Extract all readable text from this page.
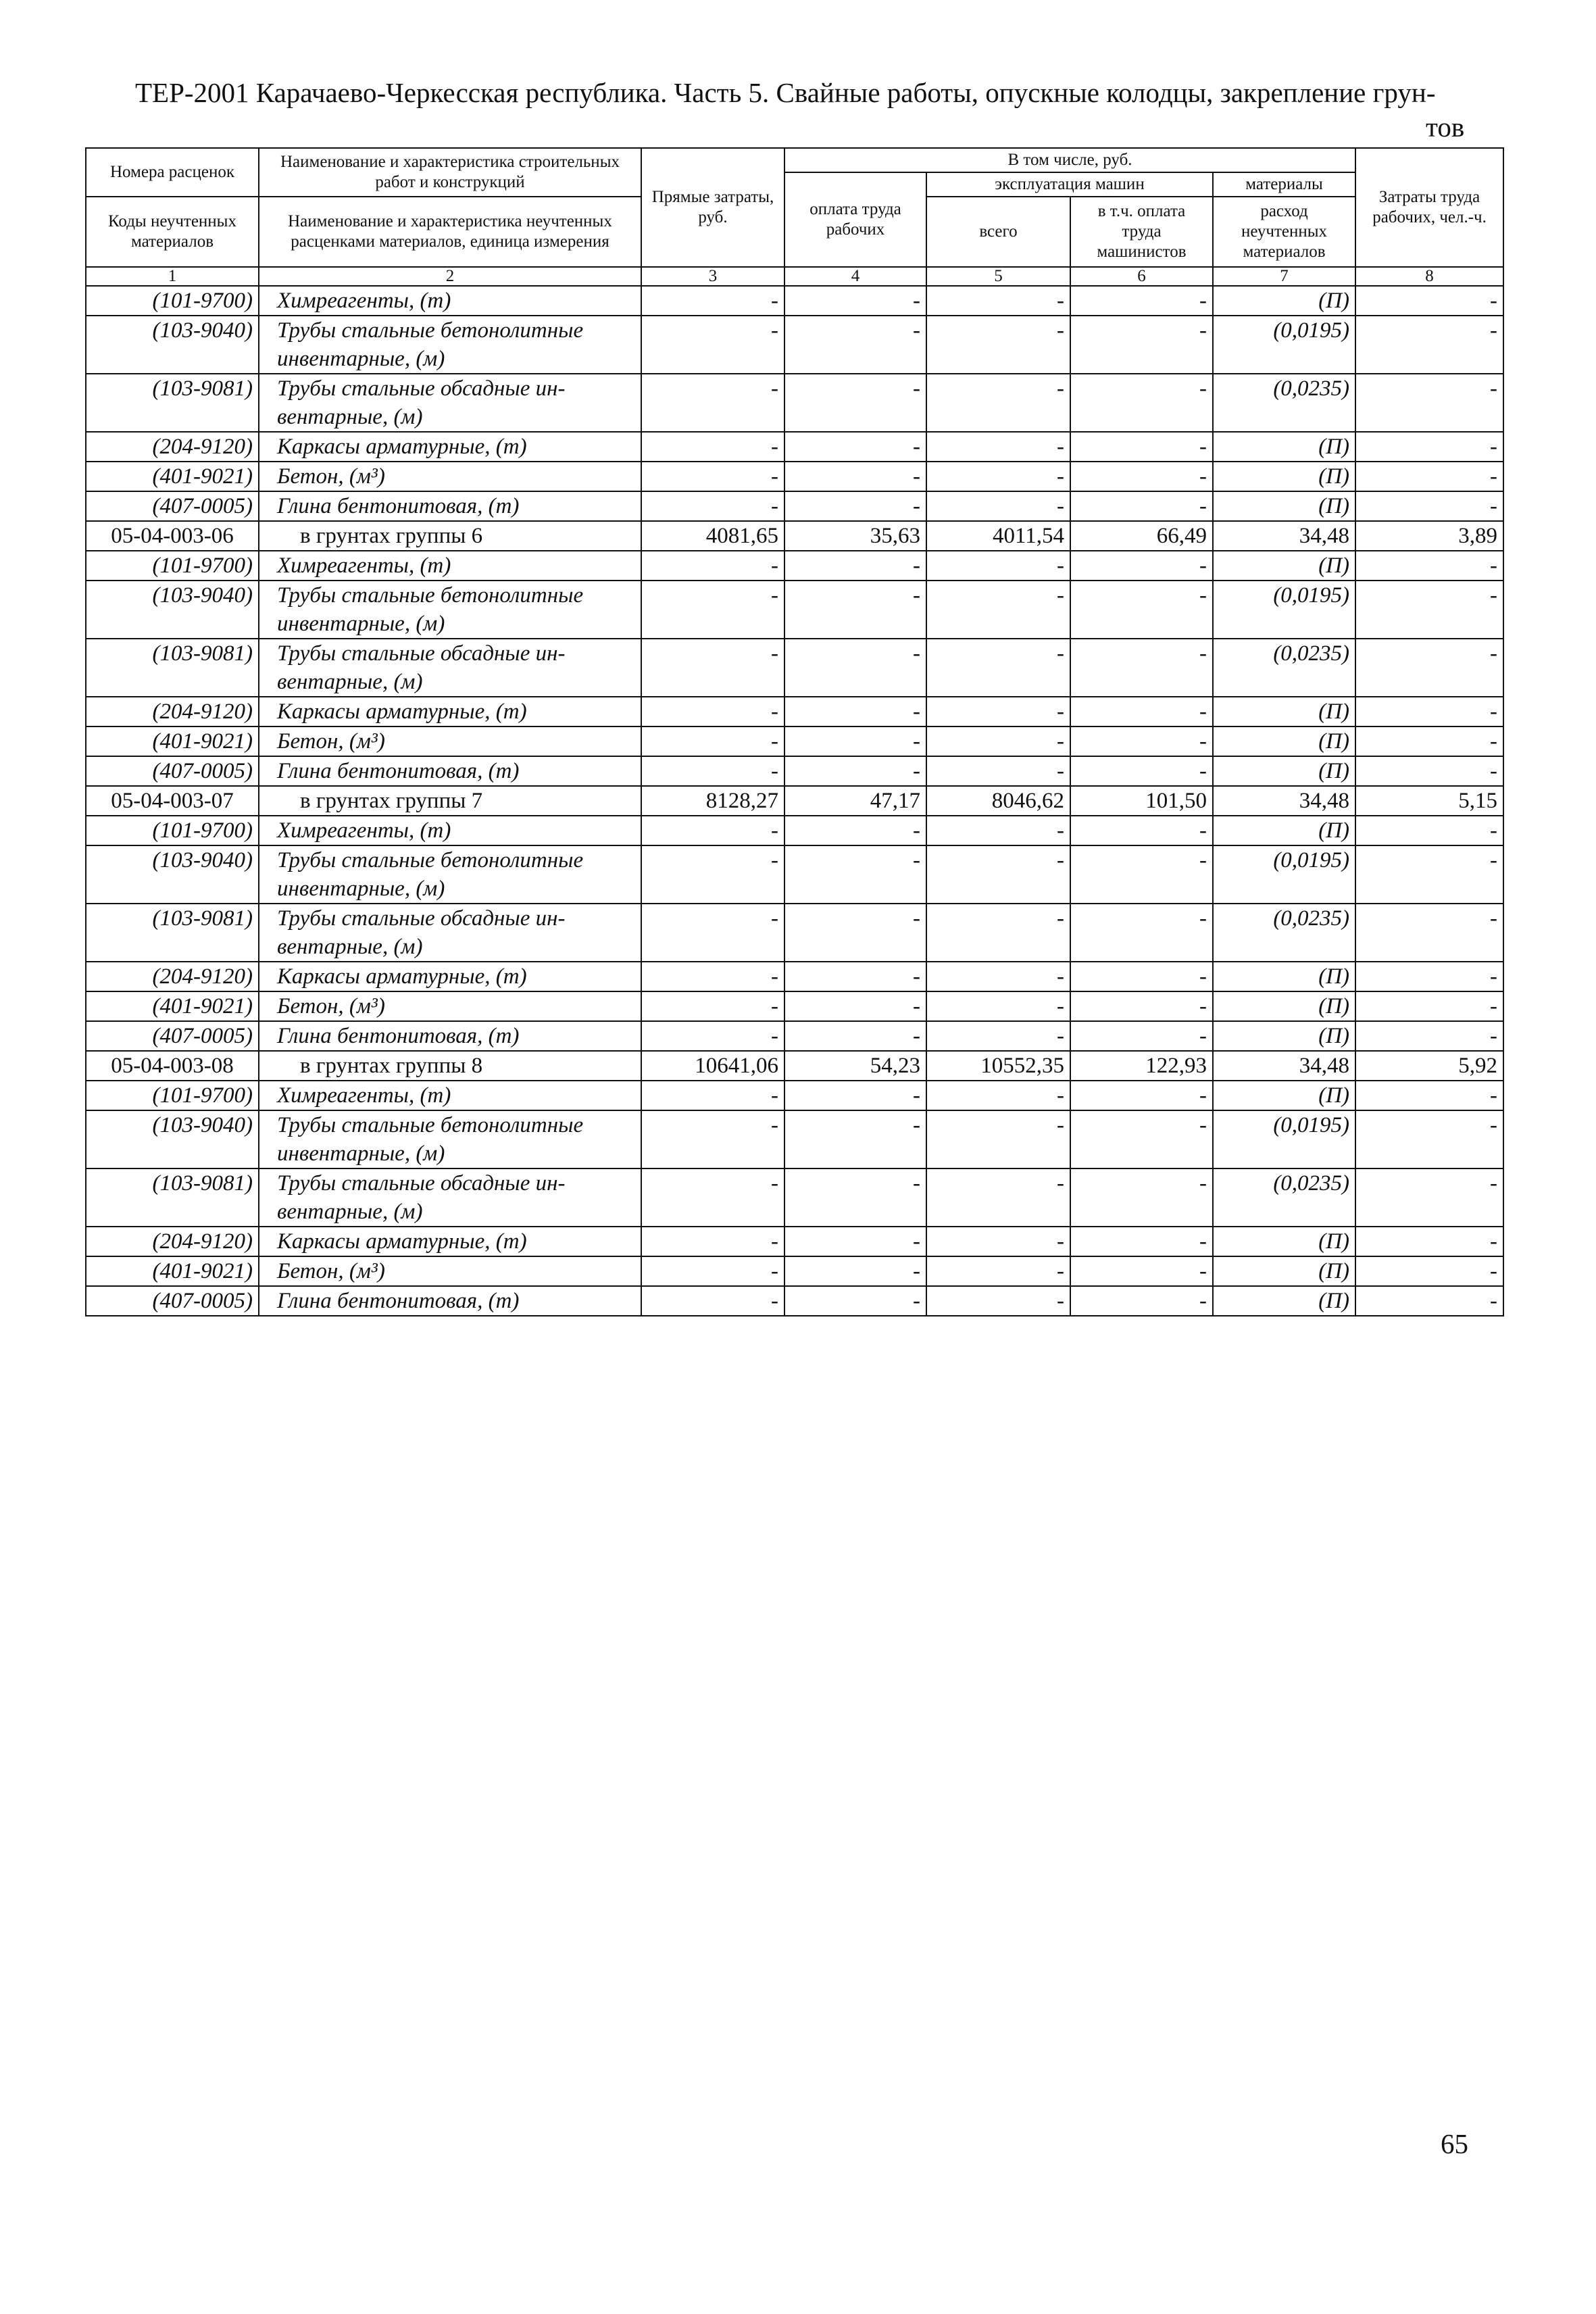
ТЕР-2001 Карачаево-Черкесская республика. Часть 5. Свайные работы, опускные колодцы, закрепление грун-
тов
Номера расценок	Наименование и характеристика строительных работ и конструкций	Прямые затраты, руб.	В том числе, руб.				Затраты труда рабочих, чел.-ч.
			оплата труда рабочих	эксплуатация машин		материалы	
Коды неучтенных материалов	Наименование и характеристика неучтенных расценками материалов, единица измерения			всего	в т.ч. оплата труда машинистов	расход неучтенных материалов	

1	2	3	4	5	6	7	8
(101-9700)	Химреагенты, (т)	-	-	-	-	(П)	-
(103-9040)	Трубы стальные бетонолитные инвентарные, (м)	-	-	-	-	(0,0195)	-
(103-9081)	Трубы стальные обсадные ин-вентарные, (м)	-	-	-	-	(0,0235)	-
(204-9120)	Каркасы арматурные, (т)	-	-	-	-	(П)	-
(401-9021)	Бетон, (м³)	-	-	-	-	(П)	-
(407-0005)	Глина бентонитовая, (т)	-	-	-	-	(П)	-
05-04-003-06	в грунтах группы 6	4081,65	35,63	4011,54	66,49	34,48	3,89
(101-9700)	Химреагенты, (т)	-	-	-	-	(П)	-
(103-9040)	Трубы стальные бетонолитные инвентарные, (м)	-	-	-	-	(0,0195)	-
(103-9081)	Трубы стальные обсадные ин-вентарные, (м)	-	-	-	-	(0,0235)	-
(204-9120)	Каркасы арматурные, (т)	-	-	-	-	(П)	-
(401-9021)	Бетон, (м³)	-	-	-	-	(П)	-
(407-0005)	Глина бентонитовая, (т)	-	-	-	-	(П)	-
05-04-003-07	в грунтах группы 7	8128,27	47,17	8046,62	101,50	34,48	5,15
(101-9700)	Химреагенты, (т)	-	-	-	-	(П)	-
(103-9040)	Трубы стальные бетонолитные инвентарные, (м)	-	-	-	-	(0,0195)	-
(103-9081)	Трубы стальные обсадные ин-вентарные, (м)	-	-	-	-	(0,0235)	-
(204-9120)	Каркасы арматурные, (т)	-	-	-	-	(П)	-
(401-9021)	Бетон, (м³)	-	-	-	-	(П)	-
(407-0005)	Глина бентонитовая, (т)	-	-	-	-	(П)	-
05-04-003-08	в грунтах группы 8	10641,06	54,23	10552,35	122,93	34,48	5,92
(101-9700)	Химреагенты, (т)	-	-	-	-	(П)	-
(103-9040)	Трубы стальные бетонолитные инвентарные, (м)	-	-	-	-	(0,0195)	-
(103-9081)	Трубы стальные обсадные ин-вентарные, (м)	-	-	-	-	(0,0235)	-
(204-9120)	Каркасы арматурные, (т)	-	-	-	-	(П)	-
(401-9021)	Бетон, (м³)	-	-	-	-	(П)	-
(407-0005)	Глина бентонитовая, (т)	-	-	-	-	(П)	-
65
